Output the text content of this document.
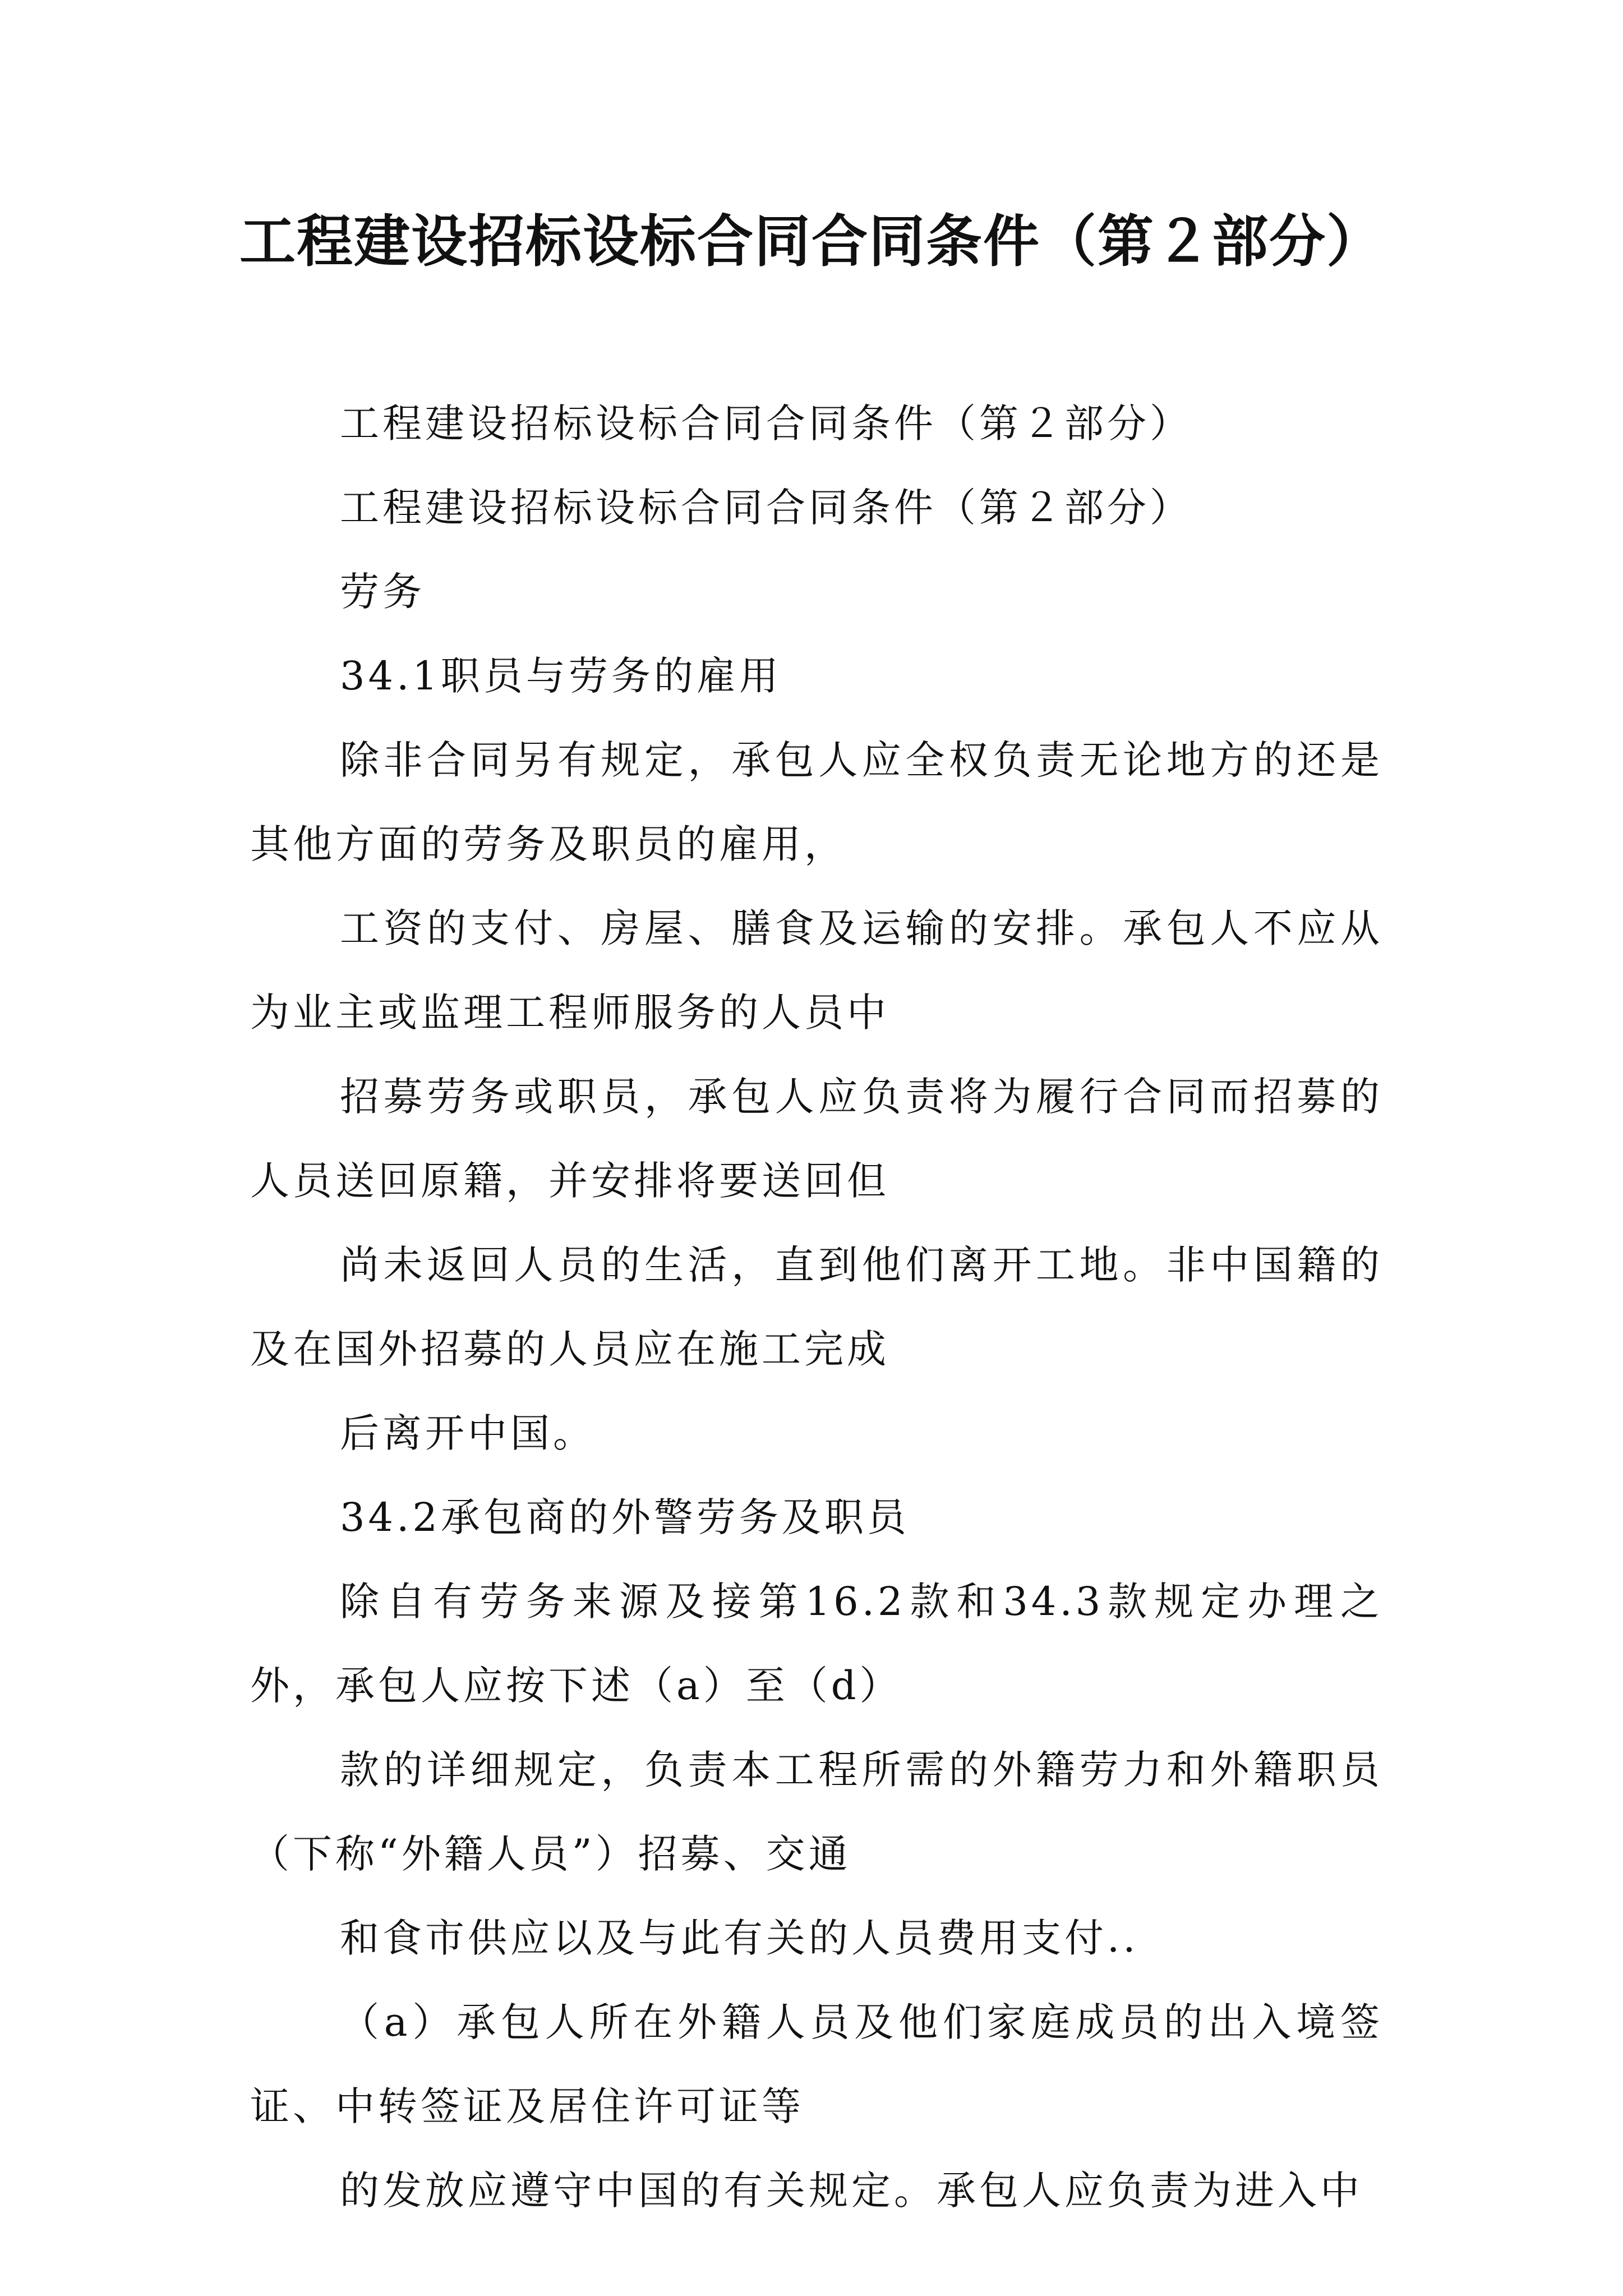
工程建设招标设标合同合同条件（第２部分）

工程建设招标设标合同合同条件（第２部分）

工程建设招标设标合同合同条件（第２部分）

劳务

34.1职员与劳务的雇用

除非合同另有规定，承包人应全权负责无论地方的还是其他方面的劳务及职员的雇用，

工资的支付、房屋、膳食及运输的安排。承包人不应从为业主或监理工程师服务的人员中

招募劳务或职员，承包人应负责将为履行合同而招募的人员送回原籍，并安排将要送回但

尚未返回人员的生活，直到他们离开工地。非中国籍的及在国外招募的人员应在施工完成

后离开中国。

34.2承包商的外警劳务及职员

除自有劳务来源及接第16.2款和34.3款规定办理之外，承包人应按下述（a）至（d）

款的详细规定，负责本工程所需的外籍劳力和外籍职员（下称“外籍人员”）招募、交通

和食市供应以及与此有关的人员费用支付..

（a）承包人所在外籍人员及他们家庭成员的出入境签证、中转签证及居住许可证等

的发放应遵守中国的有关规定。承包人应负责为进入中
